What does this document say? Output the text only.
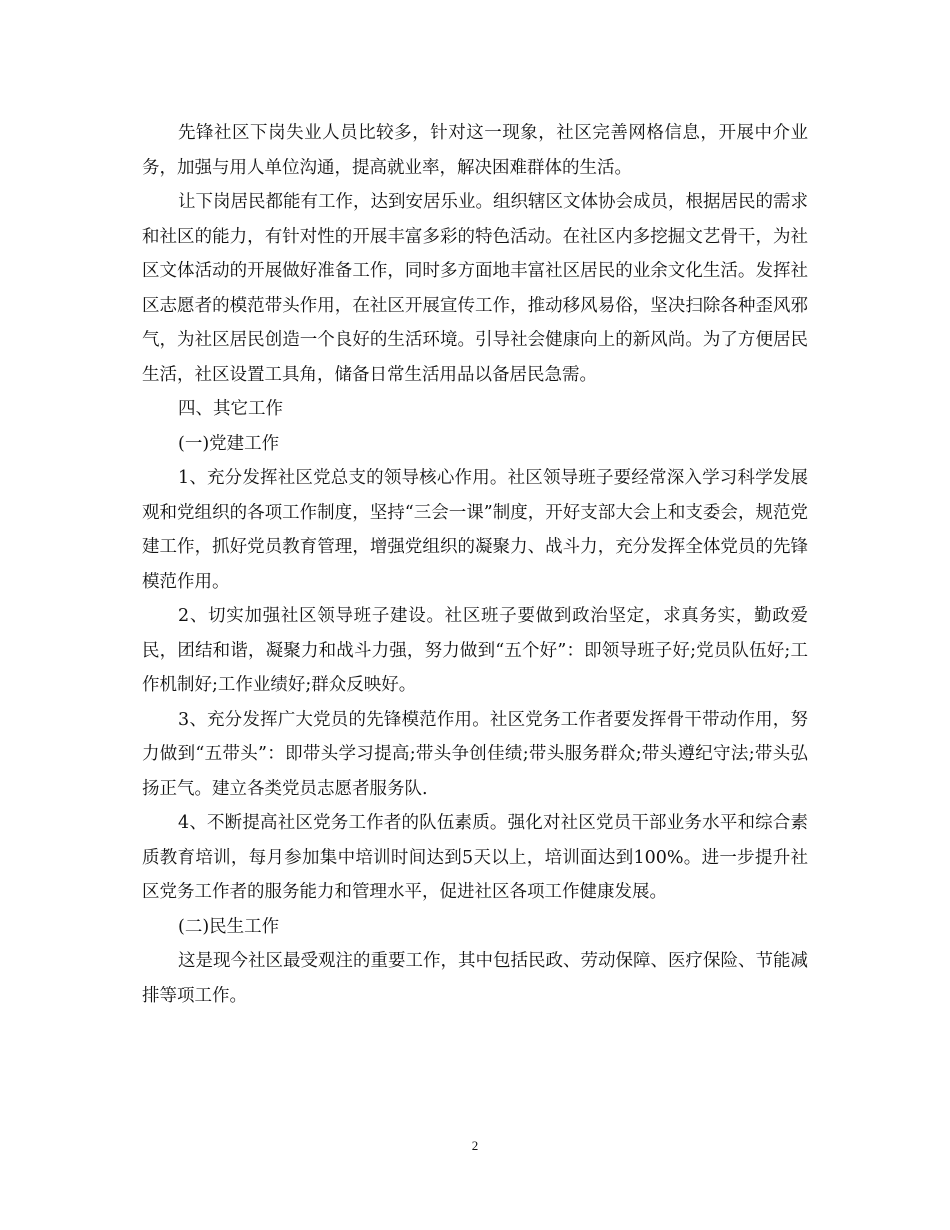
先锋社区下岗失业人员比较多，针对这一现象，社区完善网格信息，开展中介业务，加强与用人单位沟通，提高就业率，解决困难群体的生活。

让下岗居民都能有工作，达到安居乐业。组织辖区文体协会成员，根据居民的需求和社区的能力，有针对性的开展丰富多彩的特色活动。在社区内多挖掘文艺骨干，为社区文体活动的开展做好准备工作，同时多方面地丰富社区居民的业余文化生活。发挥社区志愿者的模范带头作用，在社区开展宣传工作，推动移风易俗，坚决扫除各种歪风邪气，为社区居民创造一个良好的生活环境。引导社会健康向上的新风尚。为了方便居民生活，社区设置工具角，储备日常生活用品以备居民急需。

四、其它工作

(一)党建工作

1、充分发挥社区党总支的领导核心作用。社区领导班子要经常深入学习科学发展观和党组织的各项工作制度，坚持“三会一课”制度，开好支部大会上和支委会，规范党建工作，抓好党员教育管理，增强党组织的凝聚力、战斗力，充分发挥全体党员的先锋模范作用。

2、切实加强社区领导班子建设。社区班子要做到政治坚定，求真务实，勤政爱民，团结和谐，凝聚力和战斗力强，努力做到“五个好”：即领导班子好;党员队伍好;工作机制好;工作业绩好;群众反映好。

3、充分发挥广大党员的先锋模范作用。社区党务工作者要发挥骨干带动作用，努力做到“五带头”：即带头学习提高;带头争创佳绩;带头服务群众;带头遵纪守法;带头弘扬正气。建立各类党员志愿者服务队.

4、不断提高社区党务工作者的队伍素质。强化对社区党员干部业务水平和综合素质教育培训，每月参加集中培训时间达到5天以上，培训面达到100%。进一步提升社区党务工作者的服务能力和管理水平，促进社区各项工作健康发展。

(二)民生工作

这是现今社区最受观注的重要工作，其中包括民政、劳动保障、医疗保险、节能减排等项工作。

2
